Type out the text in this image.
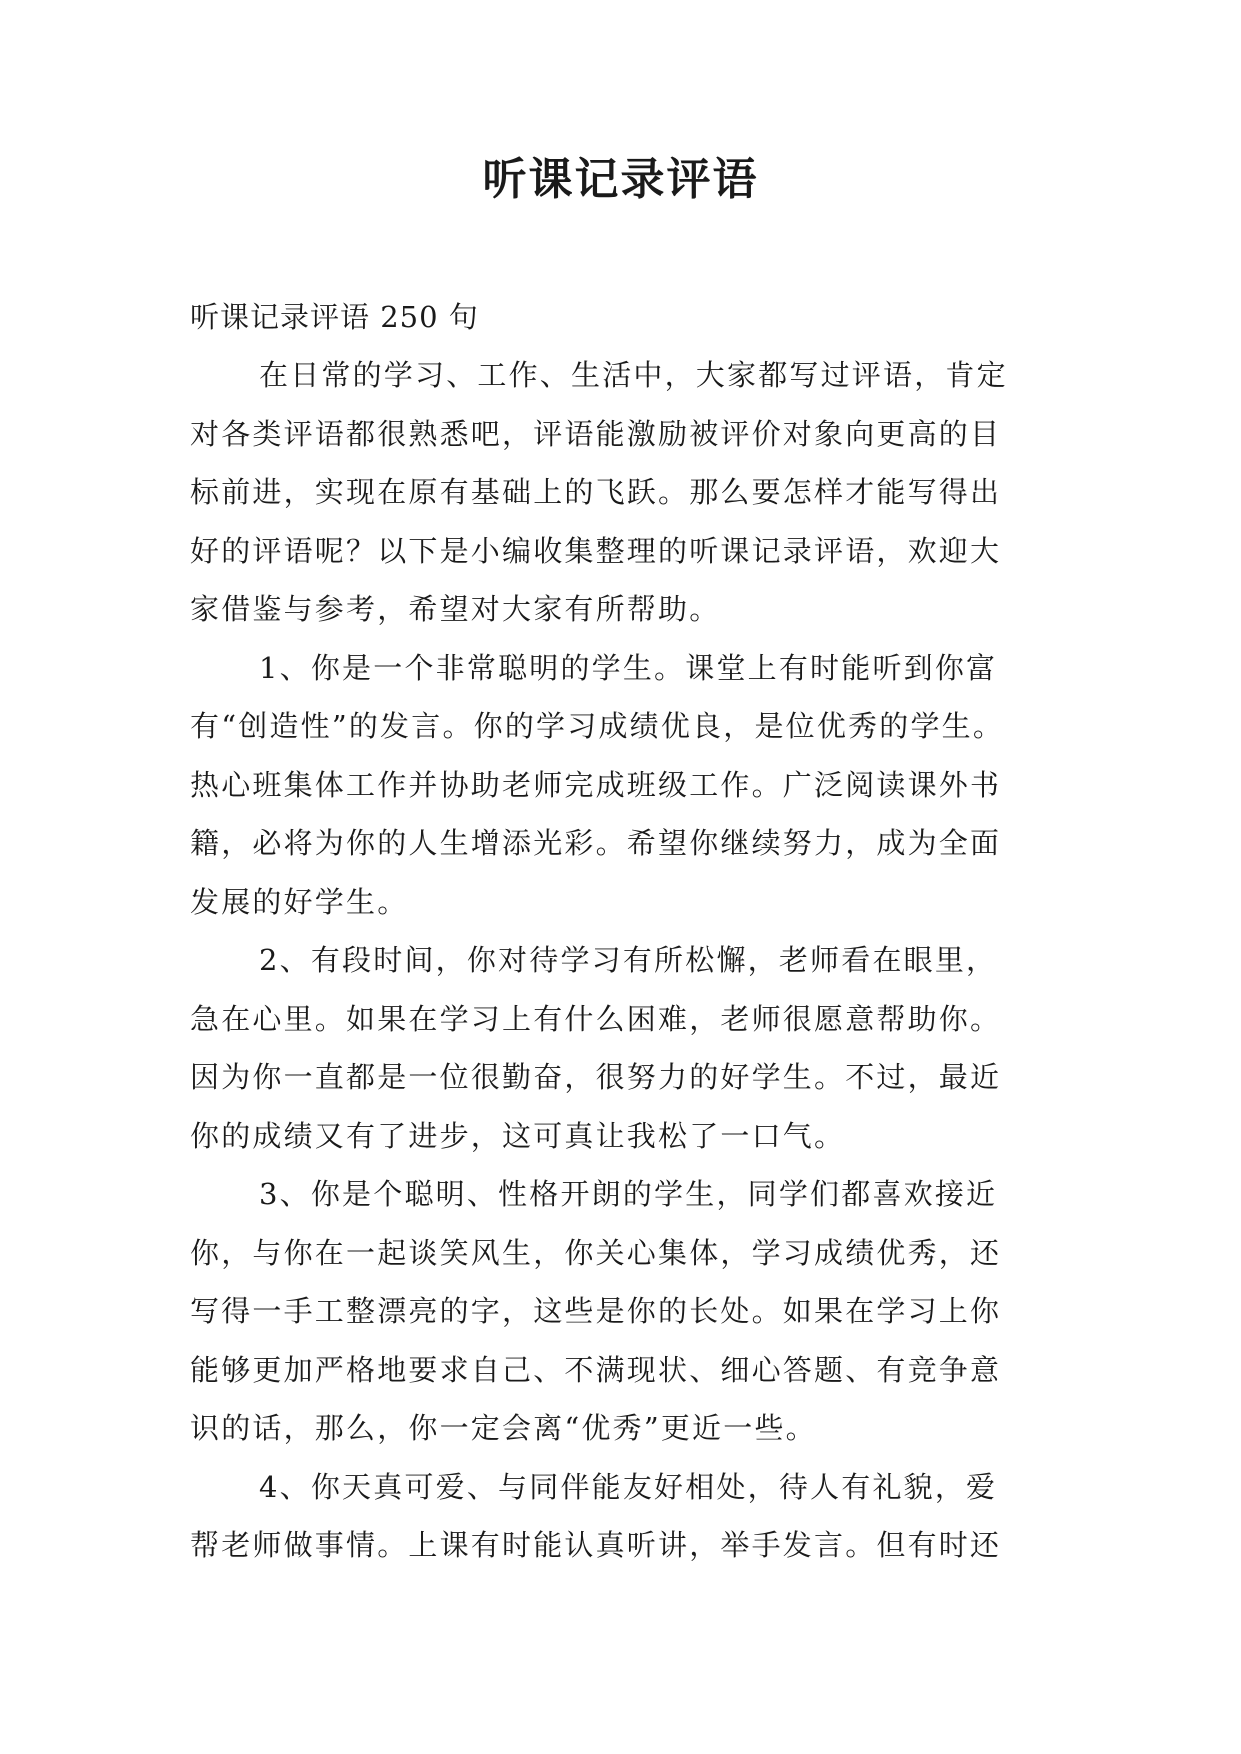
听课记录评语

听课记录评语 250 句

在日常的学习、工作、生活中，大家都写过评语，肯定
对各类评语都很熟悉吧，评语能激励被评价对象向更高的目
标前进，实现在原有基础上的飞跃。那么要怎样才能写得出
好的评语呢？以下是小编收集整理的听课记录评语，欢迎大
家借鉴与参考，希望对大家有所帮助。

1、你是一个非常聪明的学生。课堂上有时能听到你富
有“创造性”的发言。你的学习成绩优良，是位优秀的学生。
热心班集体工作并协助老师完成班级工作。广泛阅读课外书
籍，必将为你的人生增添光彩。希望你继续努力，成为全面
发展的好学生。

2、有段时间，你对待学习有所松懈，老师看在眼里，
急在心里。如果在学习上有什么困难，老师很愿意帮助你。
因为你一直都是一位很勤奋，很努力的好学生。不过，最近
你的成绩又有了进步，这可真让我松了一口气。

3、你是个聪明、性格开朗的学生，同学们都喜欢接近
你，与你在一起谈笑风生，你关心集体，学习成绩优秀，还
写得一手工整漂亮的字，这些是你的长处。如果在学习上你
能够更加严格地要求自己、不满现状、细心答题、有竞争意
识的话，那么，你一定会离“优秀”更近一些。

4、你天真可爱、与同伴能友好相处，待人有礼貌，爱
帮老师做事情。上课有时能认真听讲，举手发言。但有时还
